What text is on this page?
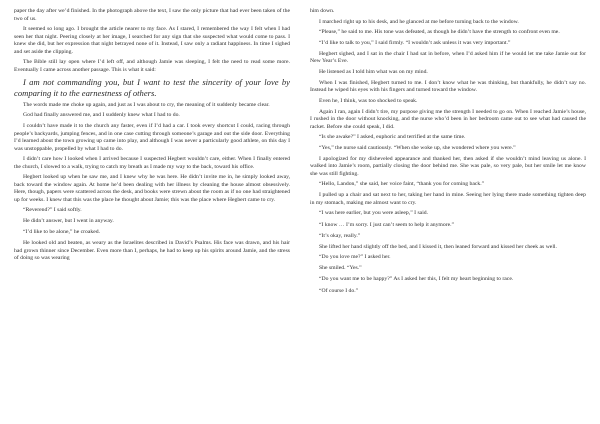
paper the day after we’d finished. In the photograph above the text, I saw the only picture that had ever been taken of the two of us.

It seemed so long ago. I brought the article nearer to my face. As I stared, I remembered the way I felt when I had seen her that night. Peering closely at her image, I searched for any sign that she suspected what would come to pass. I knew she did, but her expression that night betrayed none of it. Instead, I saw only a radiant happiness. In time I sighed and set aside the clipping.

The Bible still lay open where I’d left off, and although Jamie was sleeping, I felt the need to read some more. Eventually I came across another passage. This is what it said:

I am not commanding you, but I want to test the sincerity of your love by comparing it to the earnestness of others.

The words made me choke up again, and just as I was about to cry, the meaning of it suddenly became clear.

God had finally answered me, and I suddenly knew what I had to do.

I couldn’t have made it to the church any faster, even if I’d had a car. I took every shortcut I could, racing through people’s backyards, jumping fences, and in one case cutting through someone’s garage and out the side door. Everything I’d learned about the town growing up came into play, and although I was never a particularly good athlete, on this day I was unstoppable, propelled by what I had to do.

I didn’t care how I looked when I arrived because I suspected Hegbert wouldn’t care, either. When I finally entered the church, I slowed to a walk, trying to catch my breath as I made my way to the back, toward his office.

Hegbert looked up when he saw me, and I knew why he was here. He didn’t invite me in, he simply looked away, back toward the window again. At home he’d been dealing with her illness by cleaning the house almost obsessively. Here, though, papers were scattered across the desk, and books were strewn about the room as if no one had straightened up for weeks. I knew that this was the place he thought about Jamie; this was the place where Hegbert came to cry.

“Reverend?” I said softly.

He didn’t answer, but I went in anyway.

“I’d like to be alone,” he croaked.

He looked old and beaten, as weary as the Israelites described in David’s Psalms. His face was drawn, and his hair had grown thinner since December. Even more than I, perhaps, he had to keep up his spirits around Jamie, and the stress of doing so was wearing

him down.

I marched right up to his desk, and he glanced at me before turning back to the window.

“Please,” he said to me. His tone was defeated, as though he didn’t have the strength to confront even me.

“I’d like to talk to you,” I said firmly. “I wouldn’t ask unless it was very important.”

Hegbert sighed, and I sat in the chair I had sat in before, when I’d asked him if he would let me take Jamie out for New Year’s Eve.

He listened as I told him what was on my mind.

When I was finished, Hegbert turned to me. I don’t know what he was thinking, but thankfully, he didn’t say no. Instead he wiped his eyes with his fingers and turned toward the window.

Even he, I think, was too shocked to speak.

Again I ran, again I didn’t tire, my purpose giving me the strength I needed to go on. When I reached Jamie’s house, I rushed in the door without knocking, and the nurse who’d been in her bedroom came out to see what had caused the racket. Before she could speak, I did.

“Is she awake?” I asked, euphoric and terrified at the same time.

“Yes,” the nurse said cautiously. “When she woke up, she wondered where you were.”

I apologized for my disheveled appearance and thanked her, then asked if she wouldn’t mind leaving us alone. I walked into Jamie’s room, partially closing the door behind me. She was pale, so very pale, but her smile let me know she was still fighting.

“Hello, Landon,” she said, her voice faint, “thank you for coming back.”

I pulled up a chair and sat next to her, taking her hand in mine. Seeing her lying there made something tighten deep in my stomach, making me almost want to cry.

“I was here earlier, but you were asleep,” I said.

“I know … I’m sorry. I just can’t seem to help it anymore.”

“It’s okay, really.”

She lifted her hand slightly off the bed, and I kissed it, then leaned forward and kissed her cheek as well.

“Do you love me?” I asked her.

She smiled. “Yes.”

“Do you want me to be happy?” As I asked her this, I felt my heart beginning to race.

“Of course I do.”
